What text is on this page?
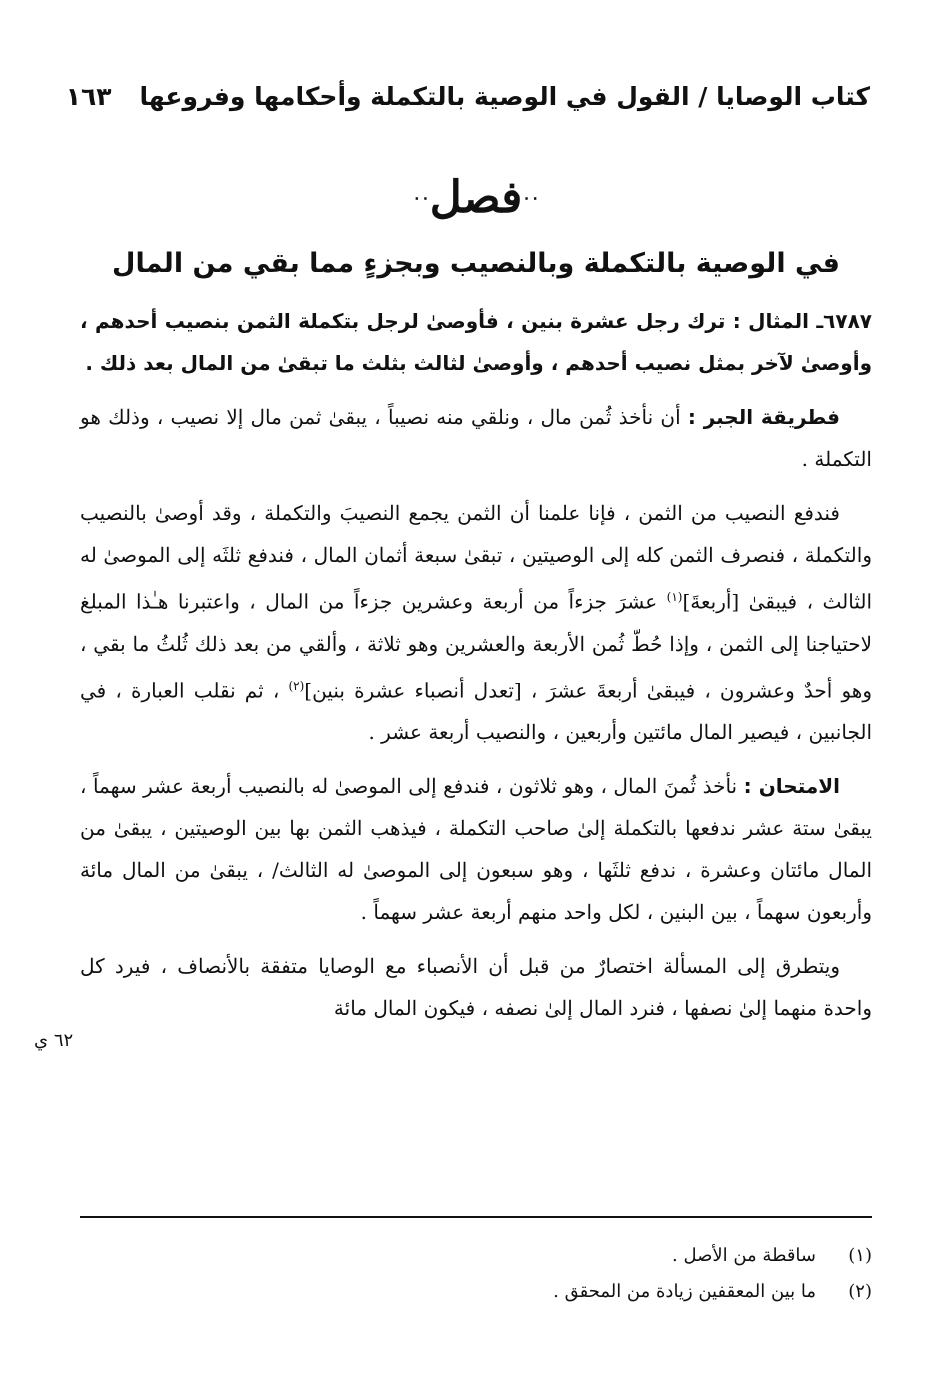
كتاب الوصايا / القول في الوصية بالتكملة وأحكامها وفروعها
١٦٣
$^{۰۰}$فصل$^{۰۰}$
في الوصية بالتكملة وبالنصيب وبجزءٍ مما بقي من المال

٦٧٨٧ـ المثال : ترك رجل عشرة بنين ، فأوصىٰ لرجل بتكملة الثمن بنصيب أحدهم ، وأوصىٰ لآخر بمثل نصيب أحدهم ، وأوصىٰ لثالث بثلث ما تبقىٰ من المال بعد ذلك .

فطريقة الجبر : أن نأخذ ثُمن مال ، ونلقي منه نصيباً ، يبقىٰ ثمن مال إلا نصيب ، وذلك هو التكملة .

فندفع النصيب من الثمن ، فإنا علمنا أن الثمن يجمع النصيبَ والتكملة ، وقد أوصىٰ بالنصيب والتكملة ، فنصرف الثمن كله إلى الوصيتين ، تبقىٰ سبعة أثمان المال ، فندفع ثلثَه إلى الموصىٰ له الثالث ، فيبقىٰ [أربعةَ]$^{(١)}$ عشرَ جزءاً من أربعة وعشرين جزءاً من المال ، واعتبرنا هـٰذا المبلغ لاحتياجنا إلى الثمن ، وإذا حُطّ ثُمن الأربعة والعشرين وهو ثلاثة ، وألقي من بعد ذلك ثُلثُ ما بقي ، وهو أحدٌ وعشرون ، فيبقىٰ أربعةَ عشرَ ، [تعدل أنصباء عشرة بنين]$^{(٢)}$ ، ثم نقلب العبارة ، في الجانبين ، فيصير المال مائتين وأربعين ، والنصيب أربعة عشر .

الامتحان : نأخذ ثُمنَ المال ، وهو ثلاثون ، فندفع إلى الموصىٰ له بالنصيب أربعة عشر سهماً ، يبقىٰ ستة عشر ندفعها بالتكملة إلىٰ صاحب التكملة ، فيذهب الثمن بها بين الوصيتين ، يبقىٰ من المال مائتان وعشرة ، ندفع ثلثَها ، وهو سبعون إلى الموصىٰ له الثالث/ ، يبقىٰ من المال مائة وأربعون سهماً ، بين البنين ، لكل واحد منهم أربعة عشر سهماً .

ويتطرق إلى المسألة اختصارٌ من قبل أن الأنصباء مع الوصايا متفقة بالأنصاف ، فيرد كل واحدة منهما إلىٰ نصفها ، فنرد المال إلىٰ نصفه ، فيكون المال مائة

٦٢ ي
(١)
ساقطة من الأصل .
(٢)
ما بين المعقفين زيادة من المحقق .
